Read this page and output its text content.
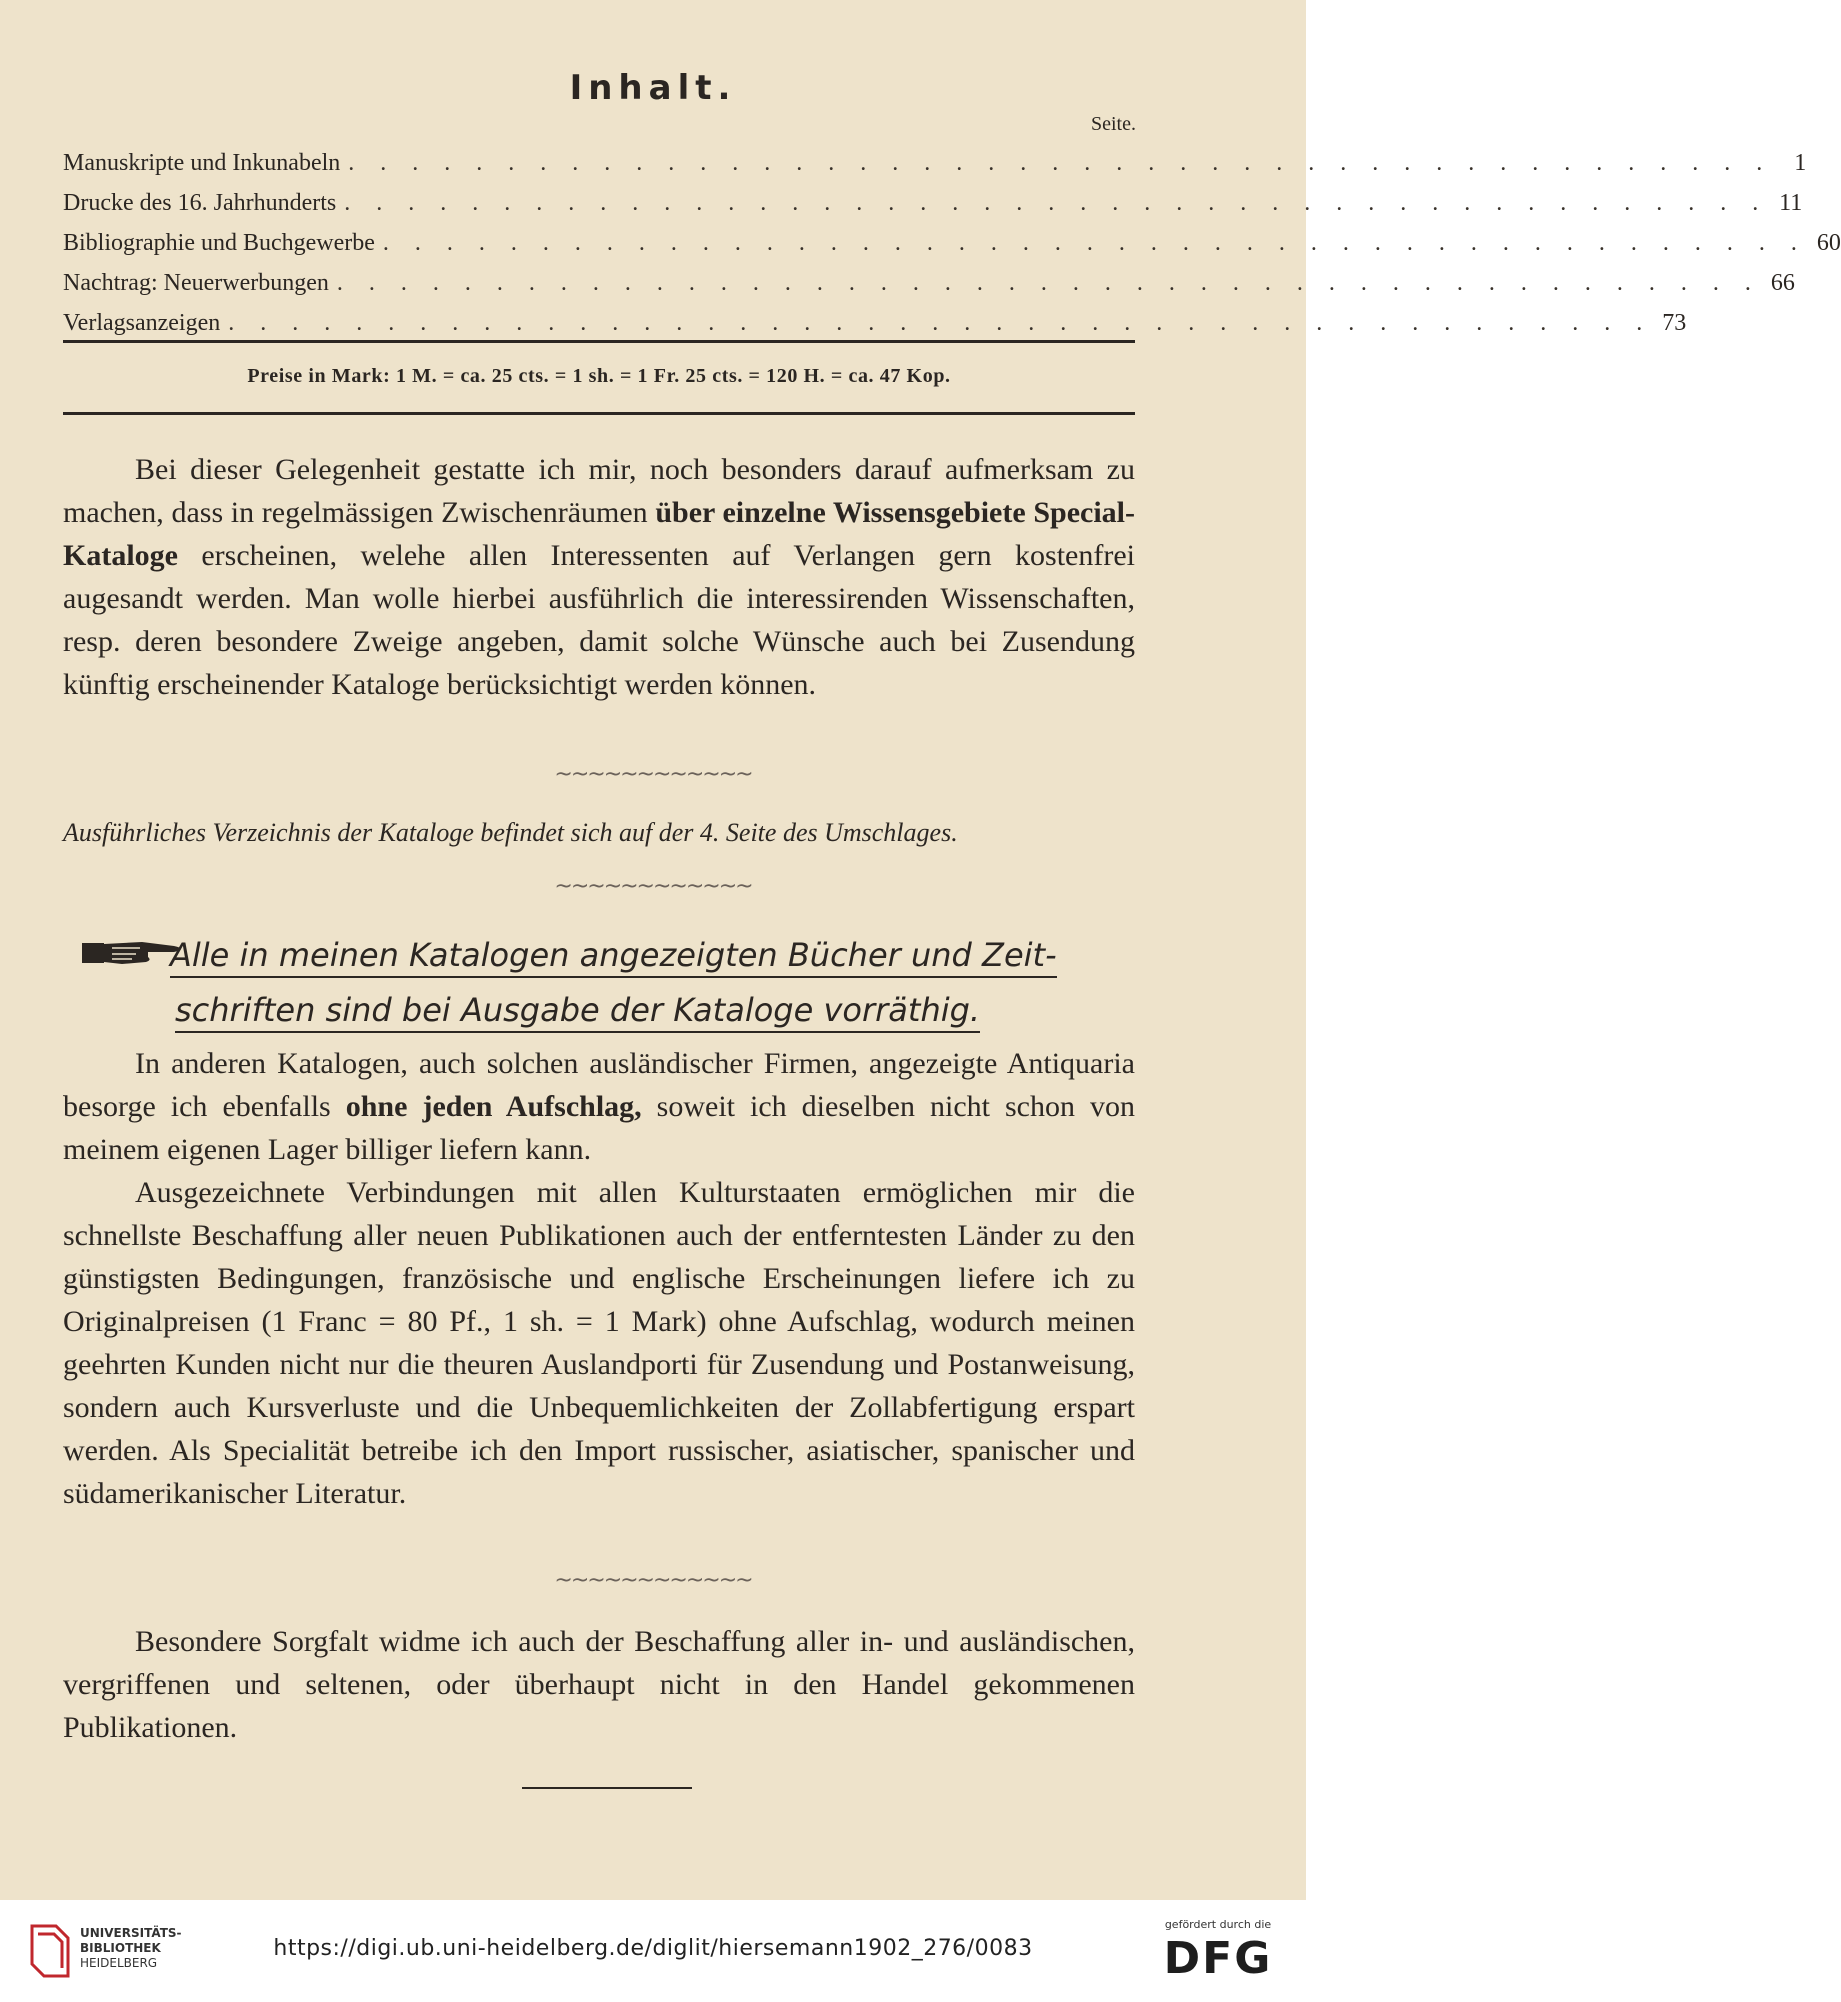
Inhalt.
Seite.
Manuskripte und Inkunabeln . . . . . . . . . . . . . . . . . . . . . . . . . . . . . . . . . . . . . . . . . . . . . 1
Drucke des 16. Jahrhunderts . . . . . . . . . . . . . . . . . . . . . . . . . . . . . . . . . . . . . . . . . . . . . 11
Bibliographie und Buchgewerbe . . . . . . . . . . . . . . . . . . . . . . . . . . . . . . . . . . . . . . . . . . . . . 60
Nachtrag: Neuerwerbungen . . . . . . . . . . . . . . . . . . . . . . . . . . . . . . . . . . . . . . . . . . . . . 66
Verlagsanzeigen . . . . . . . . . . . . . . . . . . . . . . . . . . . . . . . . . . . . . . . . . . . . . 73
Preise in Mark: 1 M. = ca. 25 cts. = 1 sh. = 1 Fr. 25 cts. = 120 H. = ca. 47 Kop.

Bei dieser Gelegenheit gestatte ich mir, noch besonders darauf aufmerksam zu machen, dass in regelmässigen Zwischenräumen über einzelne Wissensgebiete Special-Kataloge erscheinen, welehe allen Interessenten auf Verlangen gern kostenfrei augesandt werden. Man wolle hierbei ausführlich die interessirenden Wissenschaften, resp. deren besondere Zweige angeben, damit solche Wünsche auch bei Zusendung künftig erscheinender Kataloge berücksichtigt werden können.

~~~~~~~~~~~~
Ausführliches Verzeichnis der Kataloge befindet sich auf der 4. Seite des Umschlages.
~~~~~~~~~~~~
Alle in meinen Katalogen angezeigten Bücher und Zeit-
schriften sind bei Ausgabe der Kataloge vorräthig.

In anderen Katalogen, auch solchen ausländischer Firmen, angezeigte Antiquaria besorge ich ebenfalls ohne jeden Aufschlag, soweit ich dieselben nicht schon von meinem eigenen Lager billiger liefern kann.

Ausgezeichnete Verbindungen mit allen Kulturstaaten ermöglichen mir die schnellste Beschaffung aller neuen Publikationen auch der entferntesten Länder zu den günstigsten Bedingungen, französische und englische Erscheinungen liefere ich zu Originalpreisen (1 Franc = 80 Pf., 1 sh. = 1 Mark) ohne Aufschlag, wodurch meinen geehrten Kunden nicht nur die theuren Auslandporti für Zusendung und Postanweisung, sondern auch Kursverluste und die Unbequemlichkeiten der Zollabfertigung erspart werden. Als Specialität betreibe ich den Import russischer, asiatischer, spanischer und südamerikanischer Literatur.

~~~~~~~~~~~~

Besondere Sorgfalt widme ich auch der Beschaffung aller in- und ausländischen, vergriffenen und seltenen, oder überhaupt nicht in den Handel gekommenen Publikationen.

UNIVERSITÄTS-
BIBLIOTHEK
HEIDELBERG
https://digi.ub.uni-heidelberg.de/diglit/hiersemann1902_276/0083
gefördert durch die
DFG
